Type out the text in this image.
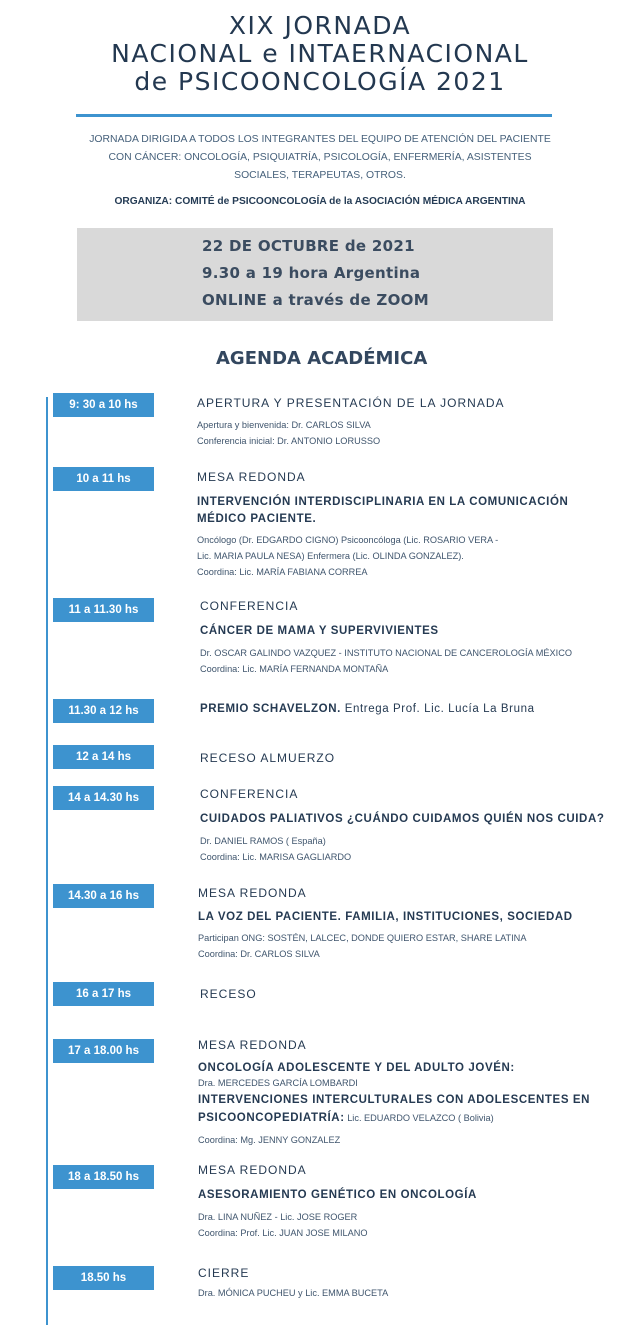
XIX JORNADA
NACIONAL e INTAERNACIONAL
de PSICOONCOLOGÍA 2021
JORNADA DIRIGIDA A TODOS LOS INTEGRANTES DEL EQUIPO DE ATENCIÓN DEL PACIENTE
CON CÁNCER: ONCOLOGÍA, PSIQUIATRÍA, PSICOLOGÍA, ENFERMERÍA, ASISTENTES
SOCIALES, TERAPEUTAS, OTROS.
ORGANIZA: COMITÉ de PSICOONCOLOGÍA de la ASOCIACIÓN MÉDICA ARGENTINA
22 DE OCTUBRE de 2021
9.30 a 19 hora Argentina
ONLINE a través de ZOOM
AGENDA ACADÉMICA
9: 30 a 10 hs	APERTURA Y PRESENTACIÓN DE LA JORNADA
Apertura y bienvenida: Dr. CARLOS SILVA
Conferencia inicial: Dr. ANTONIO LORUSSO
10 a 11 hs	MESA REDONDA
INTERVENCIÓN INTERDISCIPLINARIA EN LA COMUNICACIÓN
MÉDICO PACIENTE.
Oncólogo (Dr. EDGARDO CIGNO) Psicooncóloga (Lic. ROSARIO VERA -
Lic. MARIA PAULA NESA) Enfermera (Lic. OLINDA GONZALEZ).
Coordina: Lic. MARÍA FABIANA CORREA
11 a 11.30 hs	CONFERENCIA
CÁNCER DE MAMA Y SUPERVIVIENTES
Dr. OSCAR GALINDO VAZQUEZ - INSTITUTO NACIONAL DE CANCEROLOGÍA MÉXICO
Coordina: Lic. MARÍA FERNANDA MONTAÑA
11.30 a 12 hs	PREMIO SCHAVELZON. Entrega Prof. Lic. Lucía La Bruna
12 a 14 hs	RECESO ALMUERZO
14 a 14.30 hs	CONFERENCIA
CUIDADOS PALIATIVOS ¿CUÁNDO CUIDAMOS QUIÉN NOS CUIDA?
Dr. DANIEL RAMOS ( España)
Coordina: Lic. MARISA GAGLIARDO
14.30 a 16 hs	MESA REDONDA
LA VOZ DEL PACIENTE. FAMILIA, INSTITUCIONES, SOCIEDAD
Participan ONG: SOSTÉN, LALCEC, DONDE QUIERO ESTAR, SHARE LATINA
Coordina: Dr. CARLOS SILVA
16 a 17 hs	RECESO
17 a 18.00 hs	MESA REDONDA
ONCOLOGÍA ADOLESCENTE Y DEL ADULTO JOVÉN:
Dra. MERCEDES GARCÍA LOMBARDI
INTERVENCIONES INTERCULTURALES CON ADOLESCENTES EN
PSICOONCOPEDIATRÍA: Lic. EDUARDO VELAZCO ( Bolivia)
Coordina: Mg. JENNY GONZALEZ
18 a 18.50 hs	MESA REDONDA
ASESORAMIENTO GENÉTICO EN ONCOLOGÍA
Dra. LINA NUÑEZ - Lic. JOSE ROGER
Coordina: Prof. Lic. JUAN JOSE MILANO
18.50 hs	CIERRE
Dra. MÓNICA PUCHEU y Lic. EMMA BUCETA
